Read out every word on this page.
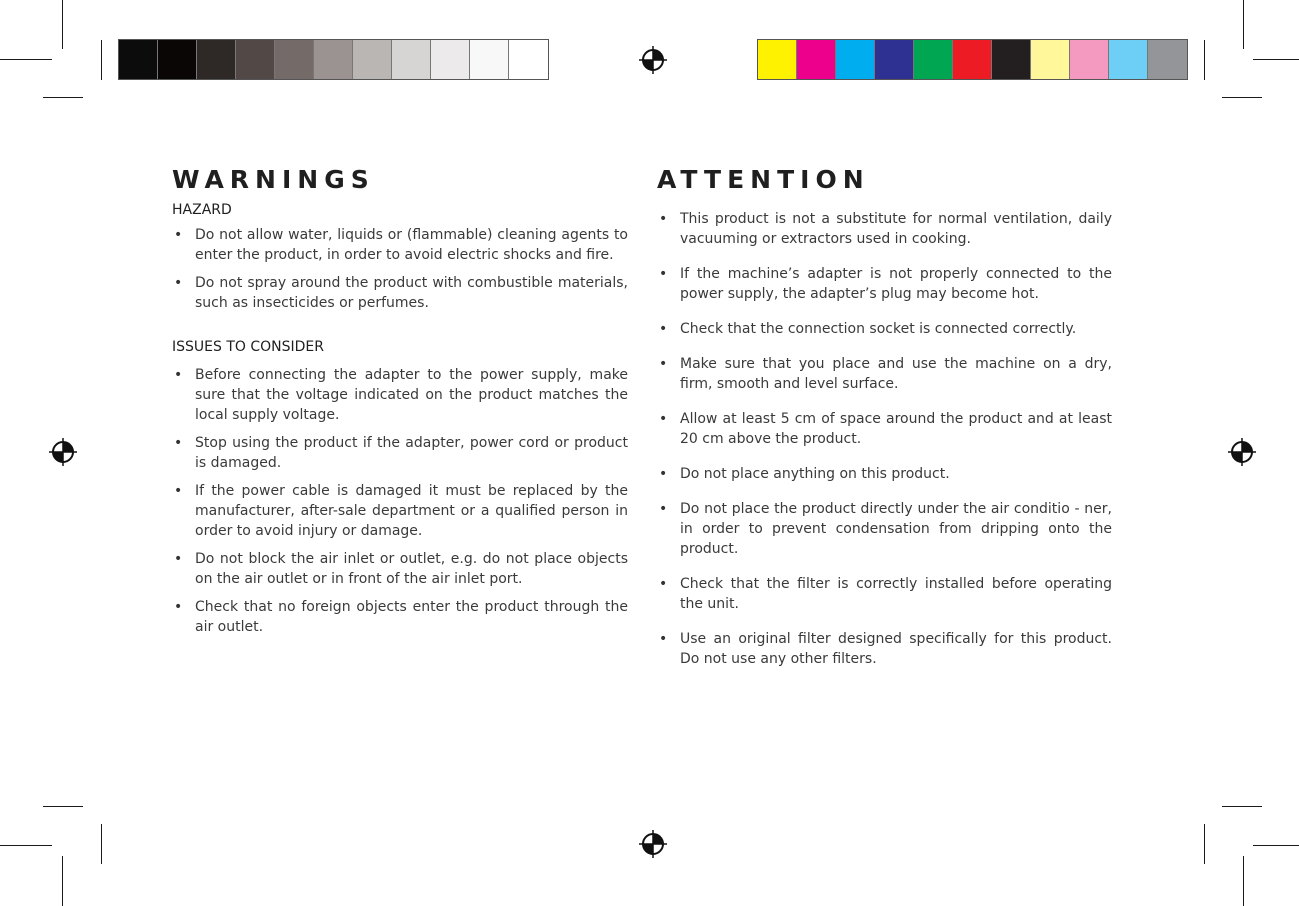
WARNINGS

HAZARD

• Do not allow water, liquids or (flammable) cleaning agents to enter the product, in order to avoid electric shocks and fire.
• Do not spray around the product with combustible materials, such as insecticides or perfumes.

ISSUES TO CONSIDER

• Before connecting the adapter to the power supply, make sure that the voltage indicated on the product matches the local supply voltage.
• Stop using the product if the adapter, power cord or product is damaged.
• If the power cable is damaged it must be replaced by the manufacturer, after-sale department or a qualified person in order to avoid injury or damage.
• Do not block the air inlet or outlet, e.g. do not place objects on the air outlet or in front of the air inlet port.
• Check that no foreign objects enter the product through the air outlet.
ATTENTION
• This product is not a substitute for normal ventilation, daily vacuuming or extractors used in cooking.
• If the machine’s adapter is not properly connected to the power supply, the adapter’s plug may become hot.
• Check that the connection socket is connected correctly.
• Make sure that you place and use the machine on a dry, firm, smooth and level surface.
• Allow at least 5 cm of space around the product and at least 20 cm above the product.
• Do not place anything on this product.
• Do not place the product directly under the air conditio - ner, in order to prevent condensation from dripping onto the product.
• Check that the filter is correctly installed before operating the unit.
• Use an original filter designed specifically for this product. Do not use any other filters.
